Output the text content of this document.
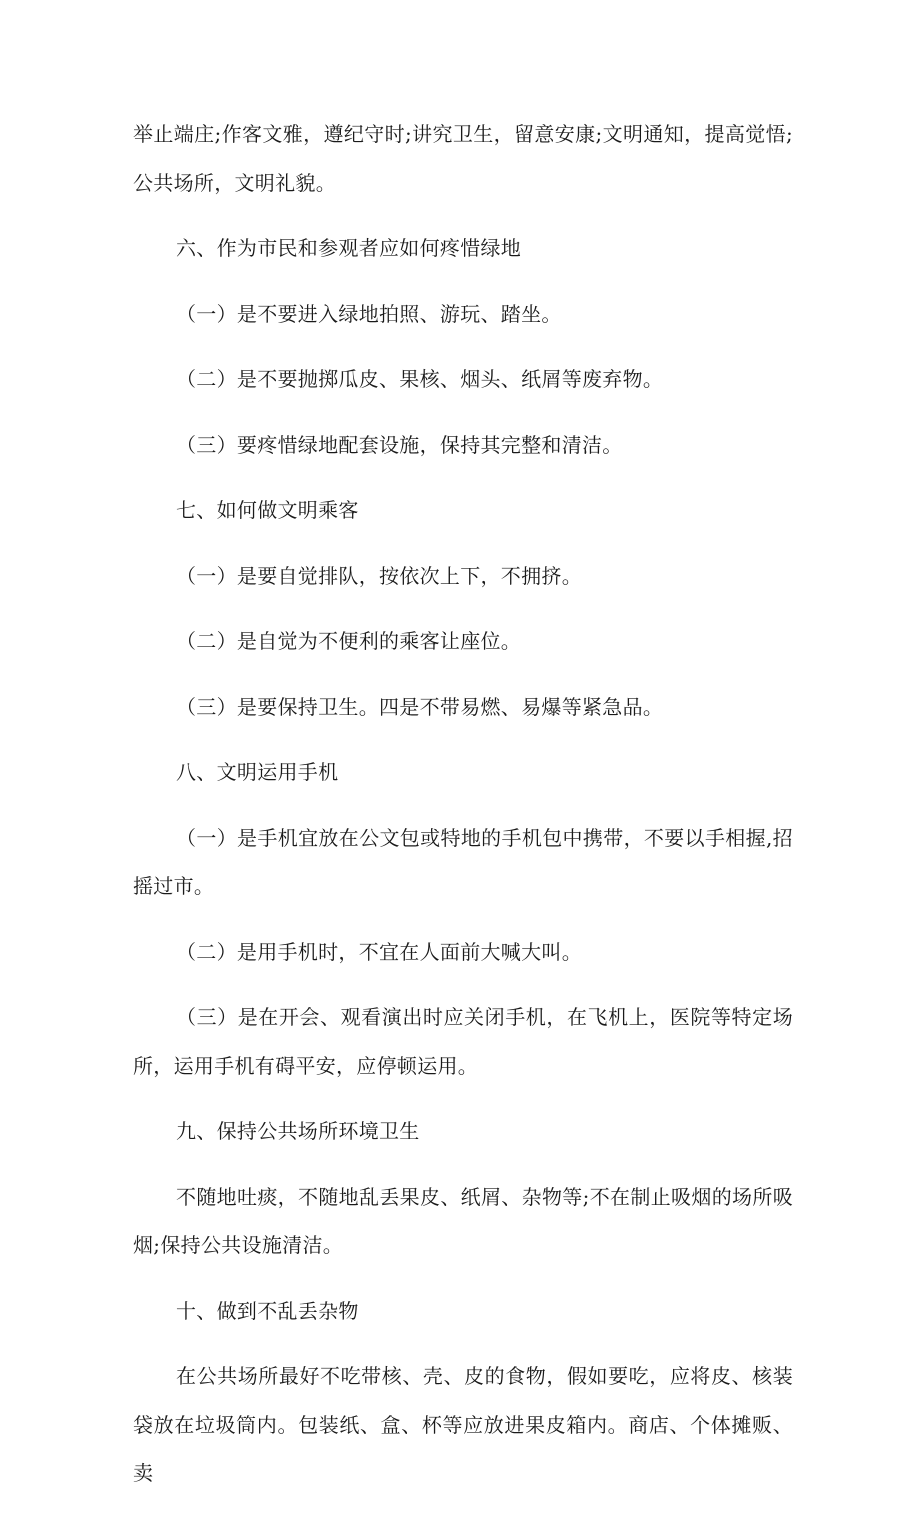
举止端庄;作客文雅，遵纪守时;讲究卫生，留意安康;文明通知，提高觉悟;公共场所，文明礼貌。

六、作为市民和参观者应如何疼惜绿地

（一）是不要进入绿地拍照、游玩、踏坐。

（二）是不要抛掷瓜皮、果核、烟头、纸屑等废弃物。

（三）要疼惜绿地配套设施，保持其完整和清洁。

七、如何做文明乘客

（一）是要自觉排队，按依次上下，不拥挤。

（二）是自觉为不便利的乘客让座位。

（三）是要保持卫生。四是不带易燃、易爆等紧急品。

八、文明运用手机

（一）是手机宜放在公文包或特地的手机包中携带，不要以手相握,招摇过市。

（二）是用手机时，不宜在人面前大喊大叫。

（三）是在开会、观看演出时应关闭手机，在飞机上，医院等特定场所，运用手机有碍平安，应停顿运用。

九、保持公共场所环境卫生

不随地吐痰，不随地乱丢果皮、纸屑、杂物等;不在制止吸烟的场所吸烟;保持公共设施清洁。

十、做到不乱丢杂物

在公共场所最好不吃带核、壳、皮的食物，假如要吃，应将皮、核装袋放在垃圾筒内。包装纸、盒、杯等应放进果皮箱内。商店、个体摊贩、卖
